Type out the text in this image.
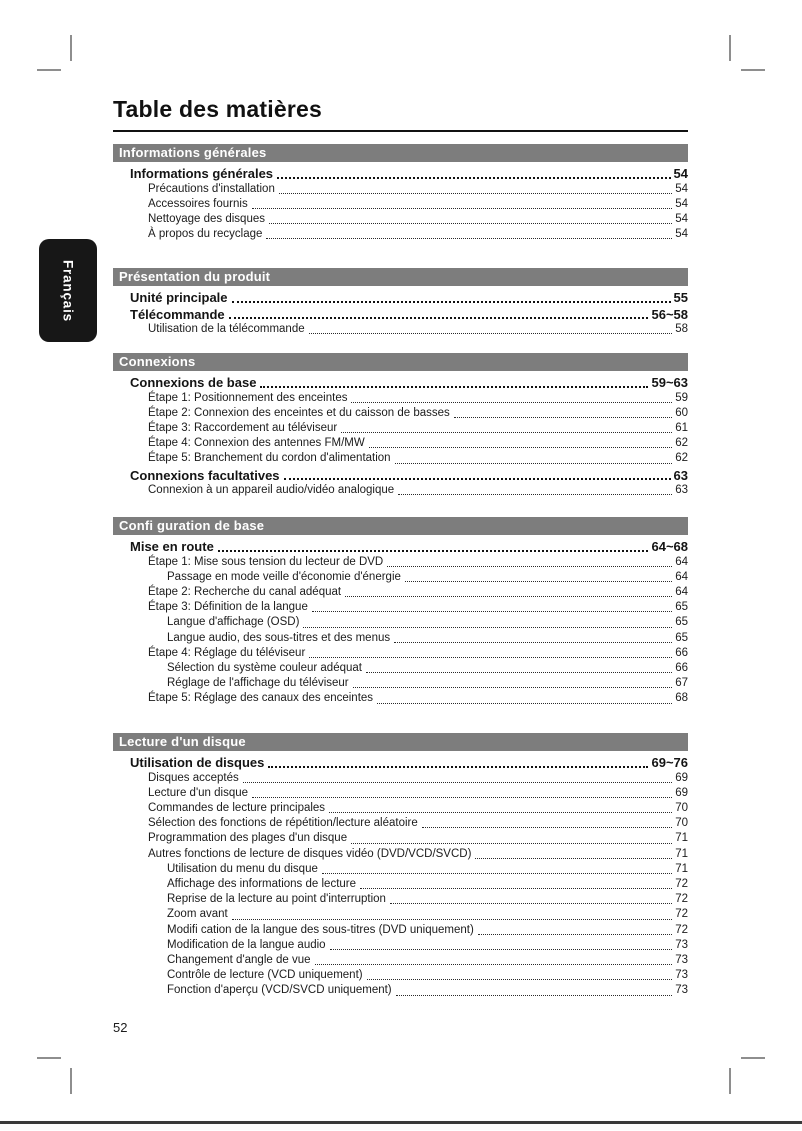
Français
Table des matières
Informations générales
Informations générales	54
Précautions d'installation	54
Accessoires fournis	54
Nettoyage des disques	54
À propos du recyclage	54
Présentation du produit
Unité principale	55
Télécommande	56~58
Utilisation de la télécommande	58
Connexions
Connexions de base	59~63
Étape 1: Positionnement des enceintes	59
Étape 2: Connexion des enceintes et du caisson de basses	60
Étape 3: Raccordement au téléviseur	61
Étape 4: Connexion des antennes FM/MW	62
Étape 5: Branchement du cordon d'alimentation	62
Connexions facultatives	63
Connexion à un appareil audio/vidéo analogique	63
Confi guration de base
Mise en route	64~68
Étape 1: Mise sous tension du lecteur de DVD	64
Passage en mode veille d'économie d'énergie	64
Étape 2: Recherche du canal adéquat	64
Étape 3: Définition de la langue	65
Langue d'affichage (OSD)	65
Langue audio, des sous-titres et des menus	65
Étape 4: Réglage du téléviseur	66
Sélection du système couleur adéquat	66
Réglage de l'affichage du téléviseur	67
Étape 5: Réglage des canaux des enceintes	68
Lecture d'un disque
Utilisation de disques	69~76
Disques acceptés	69
Lecture d'un disque	69
Commandes de lecture principales	70
Sélection des fonctions de répétition/lecture aléatoire	70
Programmation des plages d'un disque	71
Autres fonctions de lecture de disques vidéo (DVD/VCD/SVCD)	71
Utilisation du menu du disque	71
Affichage des informations de lecture	72
Reprise de la lecture au point d'interruption	72
Zoom avant	72
Modifi cation de la langue des sous-titres (DVD uniquement)	72
Modification de la langue audio	73
Changement d'angle de vue	73
Contrôle de lecture (VCD uniquement)	73
Fonction d'aperçu (VCD/SVCD uniquement)	73
52
